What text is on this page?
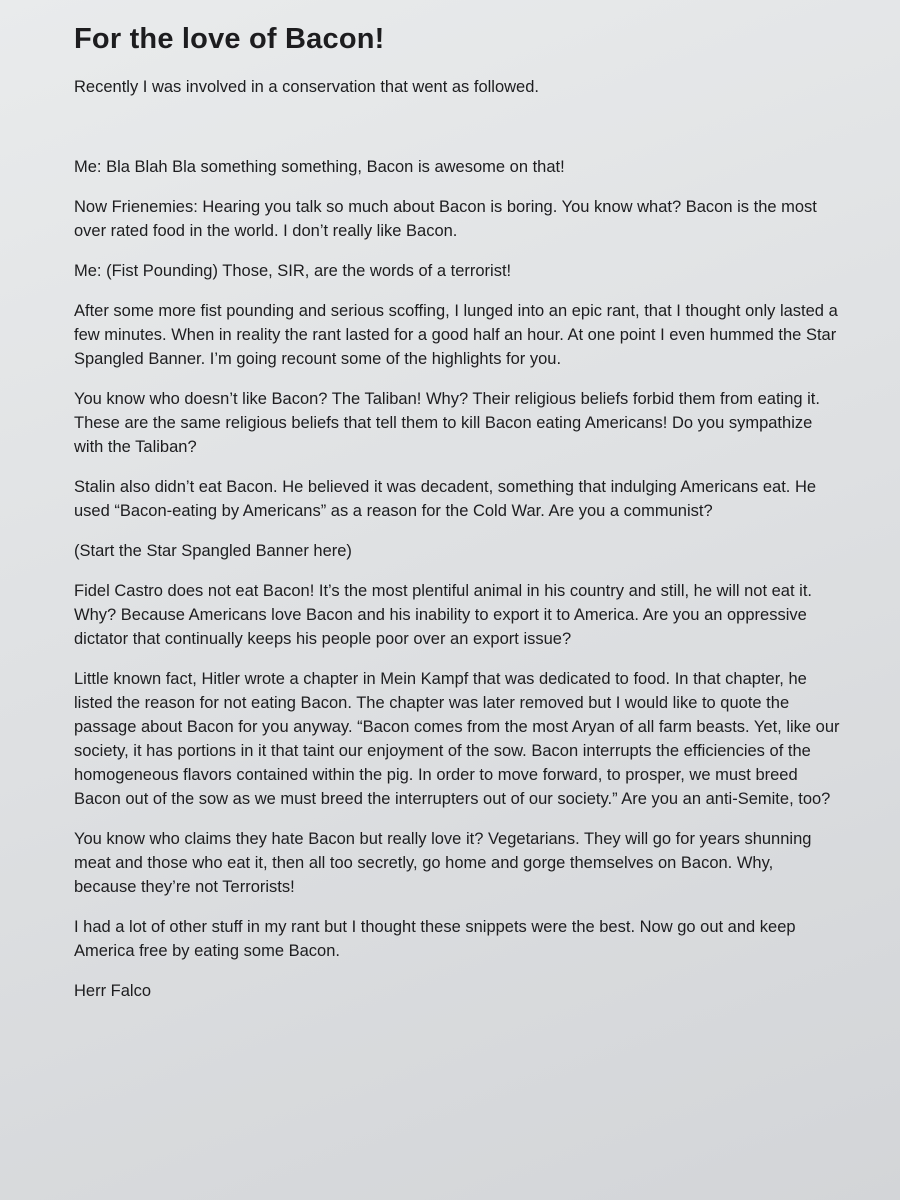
For the love of Bacon!

Recently I was involved in a conservation that went as followed.

Me: Bla Blah Bla something something, Bacon is awesome on that!

Now Frienemies: Hearing you talk so much about Bacon is boring. You know what? Bacon is the most over rated food in the world. I don’t really like Bacon.

Me: (Fist Pounding) Those, SIR, are the words of a terrorist!

After some more fist pounding and serious scoffing, I lunged into an epic rant, that I thought only lasted a few minutes. When in reality the rant lasted for a good half an hour. At one point I even hummed the Star Spangled Banner. I’m going recount some of the highlights for you.

You know who doesn’t like Bacon? The Taliban! Why? Their religious beliefs forbid them from eating it. These are the same religious beliefs that tell them to kill Bacon eating Americans! Do you sympathize with the Taliban?

Stalin also didn’t eat Bacon. He believed it was decadent, something that indulging Americans eat. He used “Bacon-eating by Americans” as a reason for the Cold War. Are you a communist?

(Start the Star Spangled Banner here)

Fidel Castro does not eat Bacon! It’s the most plentiful animal in his country and still, he will not eat it. Why? Because Americans love Bacon and his inability to export it to America. Are you an oppressive dictator that continually keeps his people poor over an export issue?

Little known fact, Hitler wrote a chapter in Mein Kampf that was dedicated to food. In that chapter, he listed the reason for not eating Bacon. The chapter was later removed but I would like to quote the passage about Bacon for you anyway. “Bacon comes from the most Aryan of all farm beasts. Yet, like our society, it has portions in it that taint our enjoyment of the sow. Bacon interrupts the efficiencies of the homogeneous flavors contained within the pig. In order to move forward, to prosper, we must breed Bacon out of the sow as we must breed the interrupters out of our society.” Are you an anti-Semite, too?

You know who claims they hate Bacon but really love it? Vegetarians. They will go for years shunning meat and those who eat it, then all too secretly, go home and gorge themselves on Bacon. Why, because they’re not Terrorists!

I had a lot of other stuff in my rant but I thought these snippets were the best. Now go out and keep America free by eating some Bacon.

Herr Falco
